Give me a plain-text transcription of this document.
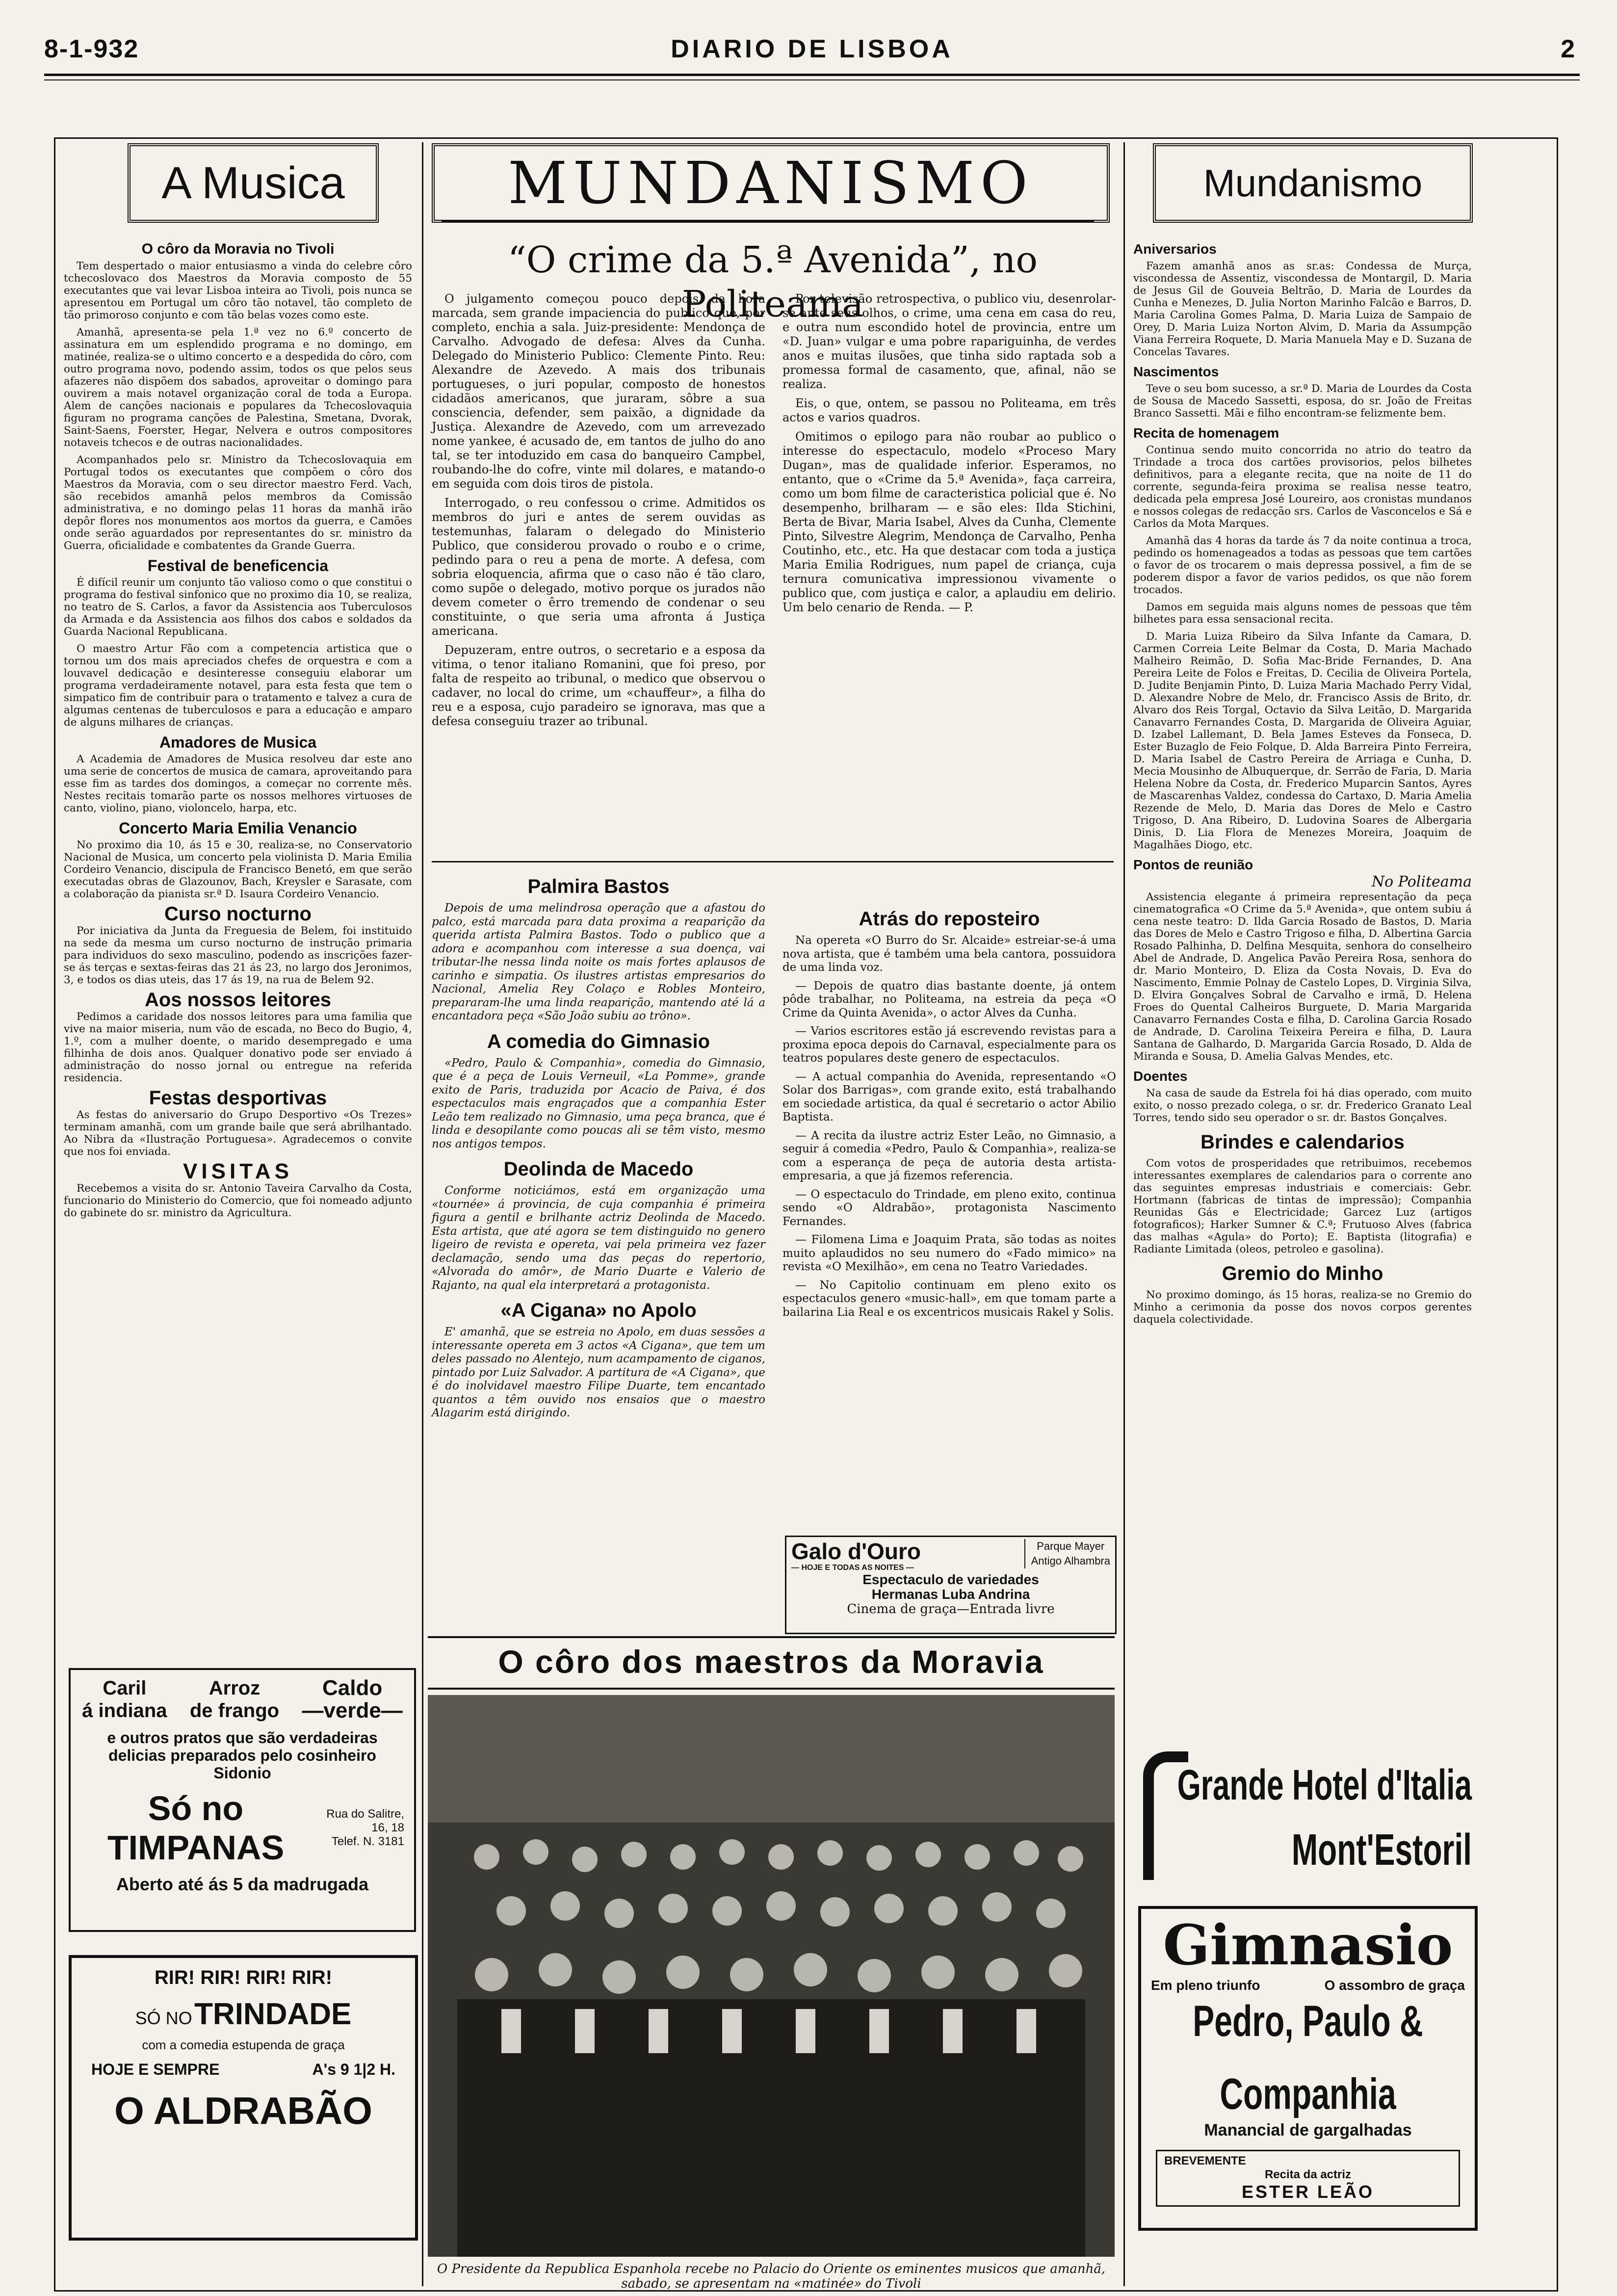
DIARIO DE LISBOA
8-1-932	2
A Musica	MUNDANISMO	Mundanismo
O côro da Moravia no Tivoli

Tem despertado o maior entusiasmo a vinda do celebre côro tchecoslovaco dos Maestros da Moravia composto de 55 executantes que vai levar Lisboa inteira ao Tivoli, pois nunca se apresentou em Portugal um côro tão notavel, tão completo de tão primoroso conjunto e com tão belas vozes como este.

Amanhã, apresenta-se pela 1.ª vez no 6.º concerto de assinatura em um esplendido programa e no domingo, em matinée, realiza-se o ultimo concerto e a despedida do côro, com outro programa novo, podendo assim, todos os que pelos seus afazeres não dispõem dos sabados, aproveitar o domingo para ouvirem a mais notavel organização coral de toda a Europa. Alem de canções nacionais e populares da Tchecoslovaquia figuram no programa canções de Palestina, Smetana, Dvorak, Saint-Saens, Foerster, Hegar, Nelvera e outros compositores notaveis tchecos e de outras nacionalidades.

Acompanhados pelo sr. Ministro da Tchecoslovaquia em Portugal todos os executantes que compõem o côro dos Maestros da Moravia, com o seu director maestro Ferd. Vach, são recebidos amanhã pelos membros da Comissão administrativa, e no domingo pelas 11 horas da manhã irão depôr flores nos monumentos aos mortos da guerra, e Camões onde serão aguardados por representantes do sr. ministro da Guerra, oficialidade e combatentes da Grande Guerra.

Festival de beneficencia

É difícil reunir um conjunto tão valioso como o que constitui o programa do festival sinfonico que no proximo dia 10, se realiza, no teatro de S. Carlos, a favor da Assistencia aos Tuberculosos da Armada e da Assistencia aos filhos dos cabos e soldados da Guarda Nacional Republicana.

O maestro Artur Fão com a competencia artistica que o tornou um dos mais apreciados chefes de orquestra e com a louvavel dedicação e desinteresse conseguiu elaborar um programa verdadeiramente notavel, para esta festa que tem o simpatico fim de contribuir para o tratamento e talvez a cura de algumas centenas de tuberculosos e para a educação e amparo de alguns milhares de crianças.

Amadores de Musica

A Academia de Amadores de Musica resolveu dar este ano uma serie de concertos de musica de camara, aproveitando para esse fim as tardes dos domingos, a começar no corrente mês. Nestes recitais tomarão parte os nossos melhores virtuoses de canto, violino, piano, violoncelo, harpa, etc.

Concerto Maria Emilia Venancio

No proximo dia 10, ás 15 e 30, realiza-se, no Conservatorio Nacional de Musica, um concerto pela violinista D. Maria Emilia Cordeiro Venancio, discipula de Francisco Benetó, em que serão executadas obras de Glazounov, Bach, Kreysler e Sarasate, com a colaboração da pianista sr.ª D. Isaura Cordeiro Venancio.

Curso nocturno

Por iniciativa da Junta da Freguesia de Belem, foi instituido na sede da mesma um curso nocturno de instrução primaria para individuos do sexo masculino, podendo as inscrições fazer-se ás terças e sextas-feiras das 21 ás 23, no largo dos Jeronimos, 3, e todos os dias uteis, das 17 ás 19, na rua de Belem 92.

Aos nossos leitores

Pedimos a caridade dos nossos leitores para uma familia que vive na maior miseria, num vão de escada, no Beco do Bugio, 4, 1.º, com a mulher doente, o marido desempregado e uma filhinha de dois anos. Qualquer donativo pode ser enviado á administração do nosso jornal ou entregue na referida residencia.

Festas desportivas

As festas do aniversario do Grupo Desportivo «Os Trezes» terminam amanhã, com um grande baile que será abrilhantado. Ao Nibra da «Ilustração Portuguesa». Agradecemos o convite que nos foi enviada.

VISITAS

Recebemos a visita do sr. Antonio Taveira Carvalho da Costa, funcionario do Ministerio do Comercio, que foi nomeado adjunto do gabinete do sr. ministro da Agricultura.

Caril
á indiana
Arroz
de frango
Caldo
—verde—
e outros pratos que são verdadeiras delicias preparados pelo cosinheiro Sidonio
Só no TIMPANAS
Rua do Salitre, 16, 18
Telef. N. 3181
Aberto até ás 5 da madrugada
RIR! RIR! RIR! RIR!
SÓ NO TRINDADE
com a comedia estupenda de graça
HOJE E SEMPRE	A's 9 1|2 H.
O ALDRABÃO
“O crime da 5.ª Avenida”, no Politeama

O julgamento começou pouco depois da hora marcada, sem grande impaciencia do publico que, por completo, enchia a sala. Juiz-presidente: Mendonça de Carvalho. Advogado de defesa: Alves da Cunha. Delegado do Ministerio Publico: Clemente Pinto. Reu: Alexandre de Azevedo. A mais dos tribunais portugueses, o juri popular, composto de honestos cidadãos americanos, que juraram, sôbre a sua consciencia, defender, sem paixão, a dignidade da Justiça. Alexandre de Azevedo, com um arrevezado nome yankee, é acusado de, em tantos de julho do ano tal, se ter intoduzido em casa do banqueiro Campbel, roubando-lhe do cofre, vinte mil dolares, e matando-o em seguida com dois tiros de pistola.

Interrogado, o reu confessou o crime. Admitidos os membros do juri e antes de serem ouvidas as testemunhas, falaram o delegado do Ministerio Publico, que considerou provado o roubo e o crime, pedindo para o reu a pena de morte. A defesa, com sobria eloquencia, afirma que o caso não é tão claro, como supõe o delegado, motivo porque os jurados não devem cometer o êrro tremendo de condenar o seu constituinte, o que seria uma afronta á Justiça americana.

Depuzeram, entre outros, o secretario e a esposa da vitima, o tenor italiano Romanini, que foi preso, por falta de respeito ao tribunal, o medico que observou o cadaver, no local do crime, um «chauffeur», a filha do reu e a esposa, cujo paradeiro se ignorava, mas que a defesa conseguiu trazer ao tribunal.

Por televisão retrospectiva, o publico viu, desenrolar-se ante seus olhos, o crime, uma cena em casa do reu, e outra num escondido hotel de provincia, entre um «D. Juan» vulgar e uma pobre rapariguinha, de verdes anos e muitas ilusões, que tinha sido raptada sob a promessa formal de casamento, que, afinal, não se realiza.

Eis, o que, ontem, se passou no Politeama, em três actos e varios quadros.

Omitimos o epilogo para não roubar ao publico o interesse do espectaculo, modelo «Proceso Mary Dugan», mas de qualidade inferior. Esperamos, no entanto, que o «Crime da 5.ª Avenida», faça carreira, como um bom filme de caracteristica policial que é. No desempenho, brilharam — e são eles: Ilda Stichini, Berta de Bivar, Maria Isabel, Alves da Cunha, Clemente Pinto, Silvestre Alegrim, Mendonça de Carvalho, Penha Coutinho, etc., etc. Ha que destacar com toda a justiça Maria Emilia Rodrigues, num papel de criança, cuja ternura comunicativa impressionou vivamente o publico que, com justiça e calor, a aplaudiu em delirio. Um belo cenario de Renda. — P.

Palmira Bastos

Depois de uma melindrosa operação que a afastou do palco, está marcada para data proxima a reaparição da querida artista Palmira Bastos. Todo o publico que a adora e acompanhou com interesse a sua doença, vai tributar-lhe nessa linda noite os mais fortes aplausos de carinho e simpatia. Os ilustres artistas empresarios do Nacional, Amelia Rey Colaço e Robles Monteiro, prepararam-lhe uma linda reaparição, mantendo até lá a encantadora peça «São João subiu ao trôno».

A comedia do Gimnasio

«Pedro, Paulo & Companhia», comedia do Gimnasio, que é a peça de Louis Verneuil, «La Pomme», grande exito de Paris, traduzida por Acacio de Paiva, é dos espectaculos mais engraçados que a companhia Ester Leão tem realizado no Gimnasio, uma peça branca, que é linda e desopilante como poucas ali se têm visto, mesmo nos antigos tempos.

Deolinda de Macedo

Conforme noticiámos, está em organização uma «tournée» á provincia, de cuja companhia é primeira figura a gentil e brilhante actriz Deolinda de Macedo. Esta artista, que até agora se tem distinguido no genero ligeiro de revista e opereta, vai pela primeira vez fazer declamação, sendo uma das peças do repertorio, «Alvorada do amôr», de Mario Duarte e Valerio de Rajanto, na qual ela interpretará a protagonista.

«A Cigana» no Apolo

E' amanhã, que se estreia no Apolo, em duas sessões a interessante opereta em 3 actos «A Cigana», que tem um deles passado no Alentejo, num acampamento de ciganos, pintado por Luiz Salvador. A partitura de «A Cigana», que é do inolvidavel maestro Filipe Duarte, tem encantado quantos a têm ouvido nos ensaios que o maestro Alagarim está dirigindo.

Atrás do reposteiro

Na opereta «O Burro do Sr. Alcaide» estreiar-se-á uma nova artista, que é também uma bela cantora, possuidora de uma linda voz.

— Depois de quatro dias bastante doente, já ontem pôde trabalhar, no Politeama, na estreia da peça «O Crime da Quinta Avenida», o actor Alves da Cunha.

— Varios escritores estão já escrevendo revistas para a proxima epoca depois do Carnaval, especialmente para os teatros populares deste genero de espectaculos.

— A actual companhia do Avenida, representando «O Solar dos Barrigas», com grande exito, está trabalhando em sociedade artistica, da qual é secretario o actor Abilio Baptista.

— A recita da ilustre actriz Ester Leão, no Gimnasio, a seguir á comedia «Pedro, Paulo & Companhia», realiza-se com a esperança de peça de autoria desta artista-empresaria, a que já fizemos referencia.

— O espectaculo do Trindade, em pleno exito, continua sendo «O Aldrabão», protagonista Nascimento Fernandes.

— Filomena Lima e Joaquim Prata, são todas as noites muito aplaudidos no seu numero do «Fado mimico» na revista «O Mexilhão», em cena no Teatro Variedades.

— No Capitolio continuam em pleno exito os espectaculos genero «music-hall», em que tomam parte a bailarina Lia Real e os excentricos musicais Rakel y Solis.

Galo d'Ouro
— HOJE E TODAS AS NOITES —
Parque Mayer
Antigo Alhambra
Espectaculo de variedades
Hermanas Luba Andrina
Cinema de graça—Entrada livre
O côro dos maestros da Moravia
O Presidente da Republica Espanhola recebe no Palacio do Oriente os eminentes musicos que amanhã, sabado, se apresentam na «matinée» do Tivoli
Aniversarios

Fazem amanhã anos as sr.as: Condessa de Murça, viscondessa de Assentiz, viscondessa de Montargil, D. Maria de Jesus Gil de Gouveia Beltrão, D. Maria de Lourdes da Cunha e Menezes, D. Julia Norton Marinho Falcão e Barros, D. Maria Carolina Gomes Palma, D. Maria Luiza de Sampaio de Orey, D. Maria Luiza Norton Alvim, D. Maria da Assumpção Viana Ferreira Roquete, D. Maria Manuela May e D. Suzana de Concelas Tavares.

Nascimentos

Teve o seu bom sucesso, a sr.ª D. Maria de Lourdes da Costa de Sousa de Macedo Sassetti, esposa, do sr. João de Freitas Branco Sassetti. Mãi e filho encontram-se felizmente bem.

Recita de homenagem

Continua sendo muito concorrida no atrio do teatro da Trindade a troca dos cartões provisorios, pelos bilhetes definitivos, para a elegante recita, que na noite de 11 do corrente, segunda-feira proxima se realisa nesse teatro, dedicada pela empresa José Loureiro, aos cronistas mundanos e nossos colegas de redacção srs. Carlos de Vasconcelos e Sá e Carlos da Mota Marques.

Amanhã das 4 horas da tarde ás 7 da noite continua a troca, pedindo os homenageados a todas as pessoas que tem cartões o favor de os trocarem o mais depressa possivel, a fim de se poderem dispor a favor de varios pedidos, os que não forem trocados.

Damos em seguida mais alguns nomes de pessoas que têm bilhetes para essa sensacional recita.

D. Maria Luiza Ribeiro da Silva Infante da Camara, D. Carmen Correia Leite Belmar da Costa, D. Maria Machado Malheiro Reimão, D. Sofia Mac-Bride Fernandes, D. Ana Pereira Leite de Folos e Freitas, D. Cecilia de Oliveira Portela, D. Judite Benjamin Pinto, D. Luiza Maria Machado Perry Vidal, D. Alexandre Nobre de Melo, dr. Francisco Assis de Brito, dr. Alvaro dos Reis Torgal, Octavio da Silva Leitão, D. Margarida Canavarro Fernandes Costa, D. Margarida de Oliveira Aguiar, D. Izabel Lallemant, D. Bela James Esteves da Fonseca, D. Ester Buzaglo de Feio Folque, D. Alda Barreira Pinto Ferreira, D. Maria Isabel de Castro Pereira de Arriaga e Cunha, D. Mecia Mousinho de Albuquerque, dr. Serrão de Faria, D. Maria Helena Nobre da Costa, dr. Frederico Muparcin Santos, Ayres de Mascarenhas Valdez, condessa do Cartaxo, D. Maria Amelia Rezende de Melo, D. Maria das Dores de Melo e Castro Trigoso, D. Ana Ribeiro, D. Ludovina Soares de Albergaria Dinis, D. Lia Flora de Menezes Moreira, Joaquim de Magalhães Diogo, etc.

Pontos de reunião
No Politeama

Assistencia elegante á primeira representação da peça cinematografica «O Crime da 5.ª Avenida», que ontem subiu á cena neste teatro: D. Ilda Garcia Rosado de Bastos, D. Maria das Dores de Melo e Castro Trigoso e filha, D. Albertina Garcia Rosado Palhinha, D. Delfina Mesquita, senhora do conselheiro Abel de Andrade, D. Angelica Pavão Pereira Rosa, senhora do dr. Mario Monteiro, D. Eliza da Costa Novais, D. Eva do Nascimento, Emmie Polnay de Castelo Lopes, D. Virginia Silva, D. Elvira Gonçalves Sobral de Carvalho e irmã, D. Helena Froes do Quental Calheiros Burguete, D. Maria Margarida Canavarro Fernandes Costa e filha, D. Carolina Garcia Rosado de Andrade, D. Carolina Teixeira Pereira e filha, D. Laura Santana de Galhardo, D. Margarida Garcia Rosado, D. Alda de Miranda e Sousa, D. Amelia Galvas Mendes, etc.

Doentes

Na casa de saude da Estrela foi há dias operado, com muito exito, o nosso prezado colega, o sr. dr. Frederico Granato Leal Torres, tendo sido seu operador o sr. dr. Bastos Gonçalves.

Brindes e calendarios

Com votos de prosperidades que retribuimos, recebemos interessantes exemplares de calendarios para o corrente ano das seguintes empresas industriais e comerciais: Gebr. Hortmann (fabricas de tintas de impressão); Companhia Reunidas Gás e Electricidade; Garcez Luz (artigos fotograficos); Harker Sumner & C.ª; Frutuoso Alves (fabrica das malhas «Agula» do Porto); E. Baptista (litografia) e Radiante Limitada (oleos, petroleo e gasolina).

Gremio do Minho

No proximo domingo, ás 15 horas, realiza-se no Gremio do Minho a cerimonia da posse dos novos corpos gerentes daquela colectividade.

Grande Hotel d'Italia
Mont'Estoril
Gimnasio
Em pleno triunfo	O assombro de graça
Pedro, Paulo & Companhia
Manancial de gargalhadas
BREVEMENTE
Recita da actriz
ESTER LEÃO
